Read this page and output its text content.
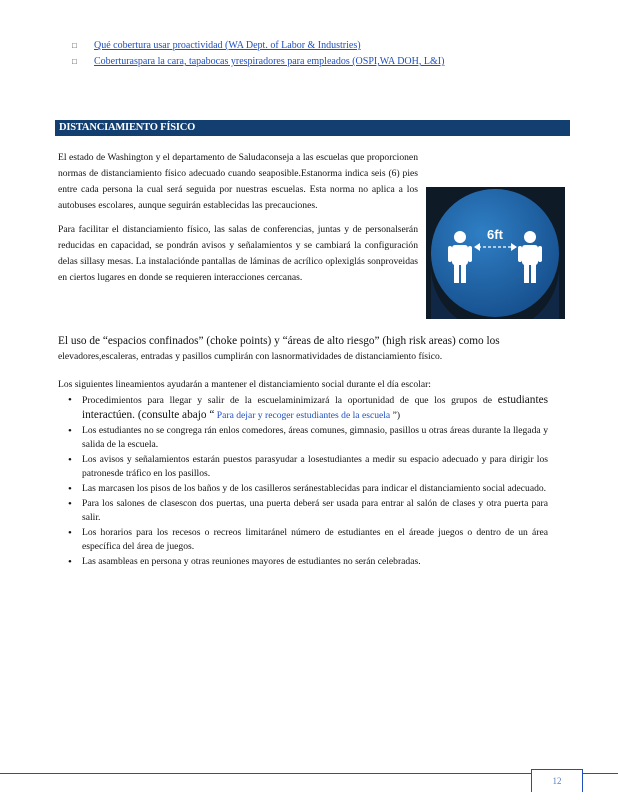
□	Qué cobertura usar proactividad (WA Dept. of Labor & Industries)
□	Coberturaspara la cara, tapabocas yrespiradores para empleados (OSPI,WA DOH, L&I)
DISTANCIAMIENTO FÍSICO

El estado de Washington y el departamento de Saludaconseja a las escuelas que proporcionen normas de distanciamiento físico adecuado cuando seaposible.Estanorma indica seis (6) pies entre cada persona la cual será seguida por nuestras escuelas. Esta norma no aplica a los autobuses escolares, aunque seguirán establecidas las precauciones.

Para facilitar el distanciamiento físico, las salas de conferencias, juntas y de personalserán reducidas en capacidad, se pondrán avisos y señalamientos y se cambiará la configuración delas sillasy mesas. La instalaciónde pantallas de láminas de acrílico oplexiglás sonproveidas en ciertos lugares en donde se requieren interacciones cercanas.

6ft
El uso de “espacios confinados” (choke points) y “áreas de alto riesgo” (high risk areas) como los
elevadores,escaleras, entradas y pasillos cumplirán con lasnormatividades de distanciamiento físico.

Los siguientes lineamientos ayudarán a mantener el distanciamiento social durante el día escolar:

• Procedimientos para llegar y salir de la escuelaminimizará la oportunidad de que los grupos de estudiantes interactúen. (consulte abajo “ Para dejar y recoger estudiantes de la escuela ”)
• Los estudiantes no se congrega rán enlos comedores, áreas comunes, gimnasio, pasillos u otras áreas durante la llegada y salida de la escuela.
• Los avisos y señalamientos estarán puestos parasyudar a losestudiantes a medir su espacio adecuado y para dirigir los patronesde tráfico en los pasillos.
• Las marcasen los pisos de los baños y de los casilleros seránestablecidas para indicar el distanciamiento social adecuado.
• Para los salones de clasescon dos puertas, una puerta deberá ser usada para entrar al salón de clases y otra puerta para salir.
• Los horarios para los recesos o recreos limitaránel número de estudiantes en el áreade juegos o dentro de un área específica del área de juegos.
• Las asambleas en persona y otras reuniones mayores de estudiantes no serán celebradas.
12
